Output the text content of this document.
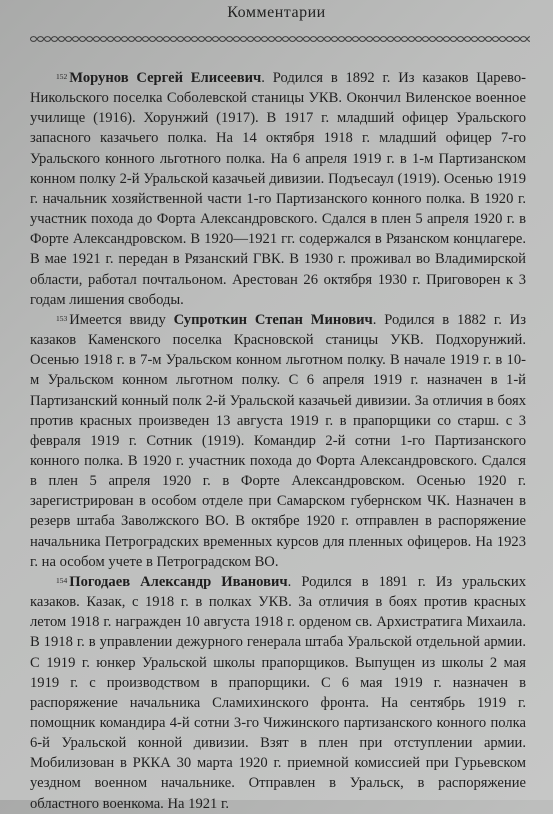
Комментарии

$^{152}$ Морунов Сергей Елисеевич. Родился в 1892 г. Из казаков Царево-Никольского поселка Соболевской станицы УКВ. Окончил Виленское военное училище (1916). Хорунжий (1917). В 1917 г. младший офицер Уральского запасного казачьего полка. На 14 октября 1918 г. младший офицер 7-го Уральского конного льготного полка. На 6 апреля 1919 г. в 1-м Партизанском конном полку 2-й Уральской казачьей дивизии. Подъесаул (1919). Осенью 1919 г. начальник хозяйственной части 1-го Партизанского конного полка. В 1920 г. участник похода до Форта Александровского. Сдался в плен 5 апреля 1920 г. в Форте Александровском. В 1920—1921 гг. содержался в Рязанском концлагере. В мае 1921 г. передан в Рязанский ГВК. В 1930 г. проживал во Владимирской области, работал почтальоном. Арестован 26 октября 1930 г. Приговорен к 3 годам лишения свободы.

$^{153}$ Имеется ввиду Супроткин Степан Минович. Родился в 1882 г. Из казаков Каменского поселка Красновской станицы УКВ. Подхорунжий. Осенью 1918 г. в 7-м Уральском конном льготном полку. В начале 1919 г. в 10-м Уральском конном льготном полку. С 6 апреля 1919 г. назначен в 1-й Партизанский конный полк 2-й Уральской казачьей дивизии. За отличия в боях против красных произведен 13 августа 1919 г. в прапорщики со старш. с 3 февраля 1919 г. Сотник (1919). Командир 2-й сотни 1-го Партизанского конного полка. В 1920 г. участник похода до Форта Александровского. Сдался в плен 5 апреля 1920 г. в Форте Александровском. Осенью 1920 г. зарегистрирован в особом отделе при Самарском губернском ЧК. Назначен в резерв штаба Заволжского ВО. В октябре 1920 г. отправлен в распоряжение начальника Петроградских временных курсов для пленных офицеров. На 1923 г. на особом учете в Петроградском ВО.

$^{154}$ Погодаев Александр Иванович. Родился в 1891 г. Из уральских казаков. Казак, с 1918 г. в полках УКВ. За отличия в боях против красных летом 1918 г. награжден 10 августа 1918 г. орденом св. Архистратига Михаила. В 1918 г. в управлении дежурного генерала штаба Уральской отдельной армии. С 1919 г. юнкер Уральской школы прапорщиков. Выпущен из школы 2 мая 1919 г. с производством в прапорщики. С 6 мая 1919 г. назначен в распоряжение начальника Сламихинского фронта. На сентябрь 1919 г. помощник командира 4-й сотни 3-го Чижинского партизанского конного полка 6-й Уральской конной дивизии. Взят в плен при отступлении армии. Мобилизован в РККА 30 марта 1920 г. приемной комиссией при Гурьевском уездном военном начальнике. Отправлен в Уральск, в распоряжение областного военкома. На 1921 г.
